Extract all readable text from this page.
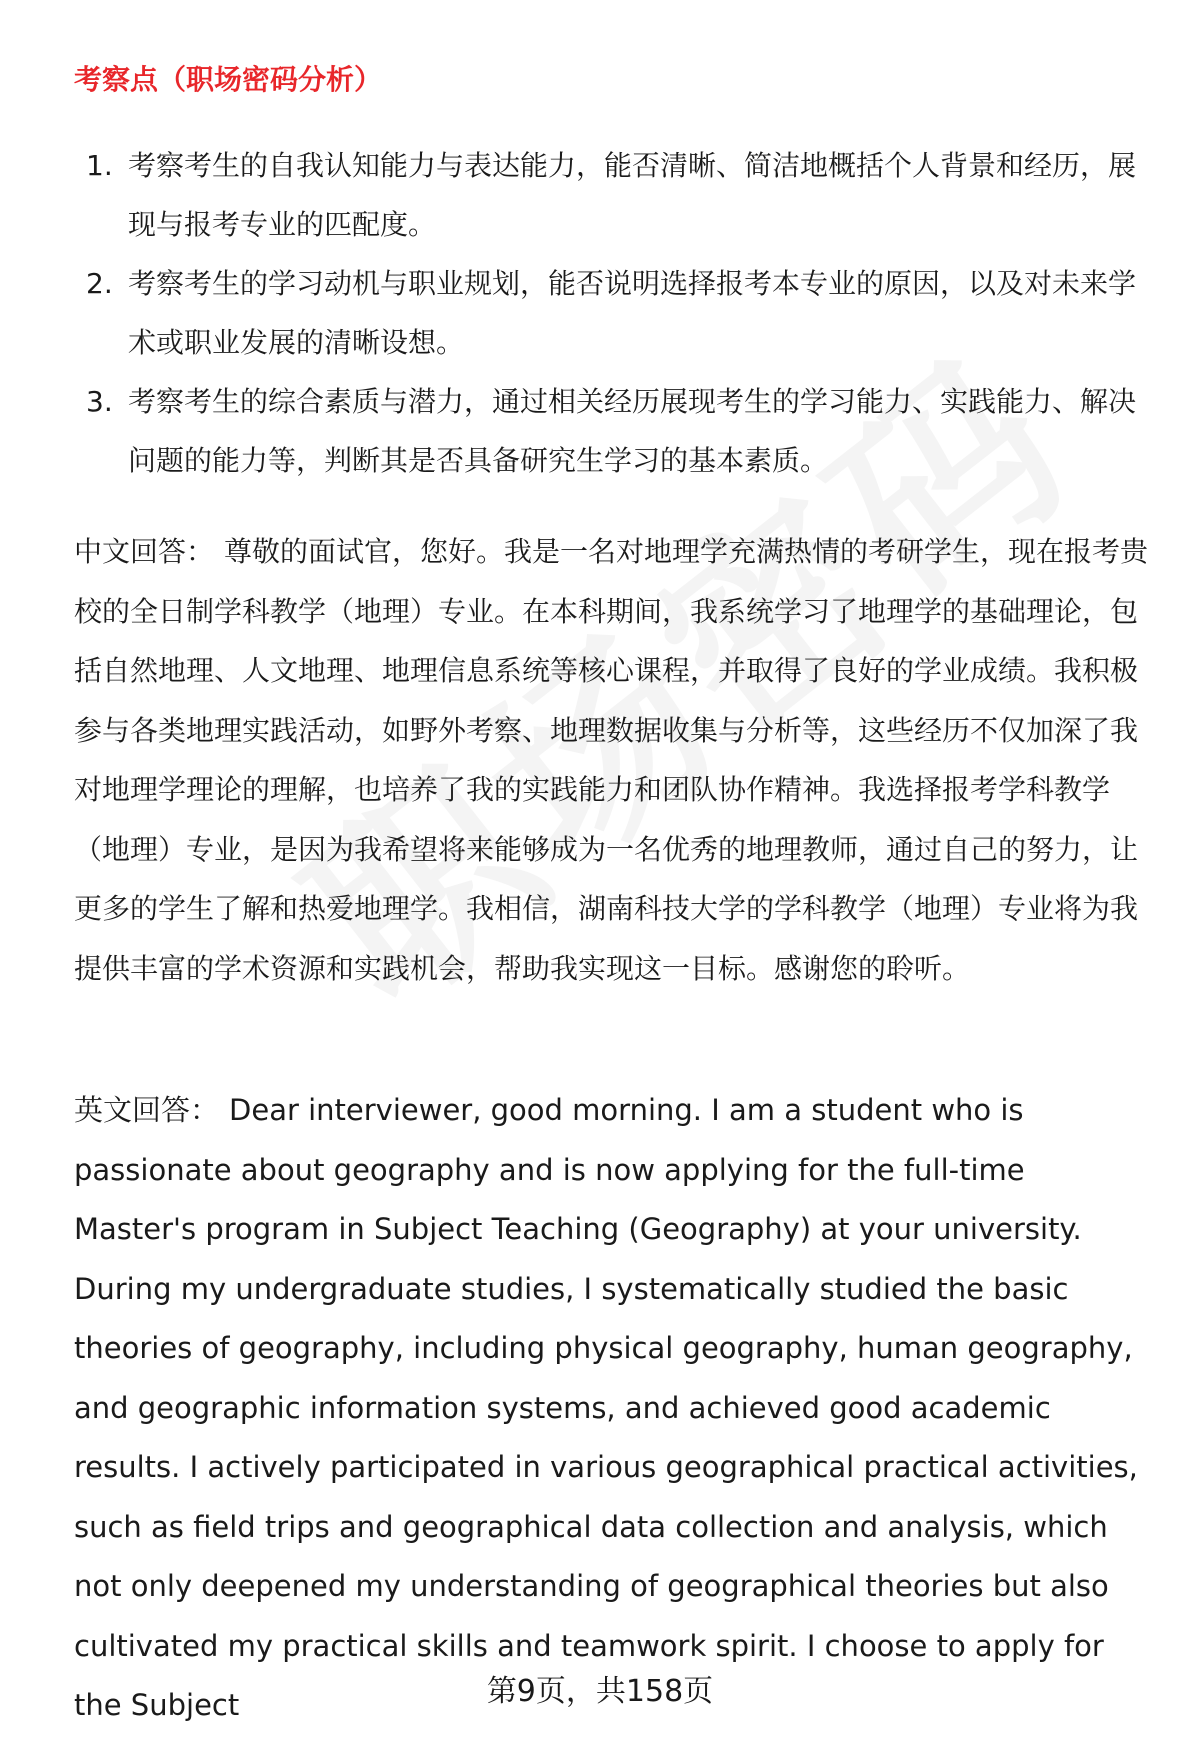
考察点（职场密码分析）
1. 考察考生的自我认知能力与表达能力，能否清晰、简洁地概括个人背景和经历，展现与报考专业的匹配度。
2. 考察考生的学习动机与职业规划，能否说明选择报考本专业的原因，以及对未来学术或职业发展的清晰设想。
3. 考察考生的综合素质与潜力，通过相关经历展现考生的学习能力、实践能力、解决问题的能力等，判断其是否具备研究生学习的基本素质。

中文回答： 尊敬的面试官，您好。我是一名对地理学充满热情的考研学生，现在报考贵校的全日制学科教学（地理）专业。在本科期间，我系统学习了地理学的基础理论，包括自然地理、人文地理、地理信息系统等核心课程，并取得了良好的学业成绩。我积极参与各类地理实践活动，如野外考察、地理数据收集与分析等，这些经历不仅加深了我对地理学理论的理解，也培养了我的实践能力和团队协作精神。我选择报考学科教学（地理）专业，是因为我希望将来能够成为一名优秀的地理教师，通过自己的努力，让更多的学生了解和热爱地理学。我相信，湖南科技大学的学科教学（地理）专业将为我提供丰富的学术资源和实践机会，帮助我实现这一目标。感谢您的聆听。

英文回答： Dear interviewer, good morning. I am a student who is passionate about geography and is now applying for the full-time Master's program in Subject Teaching (Geography) at your university. During my undergraduate studies, I systematically studied the basic theories of geography, including physical geography, human geography, and geographic information systems, and achieved good academic results. I actively participated in various geographical practical activities, such as field trips and geographical data collection and analysis, which not only deepened my understanding of geographical theories but also cultivated my practical skills and teamwork spirit. I choose to apply for the Subject	第9页，共158页
